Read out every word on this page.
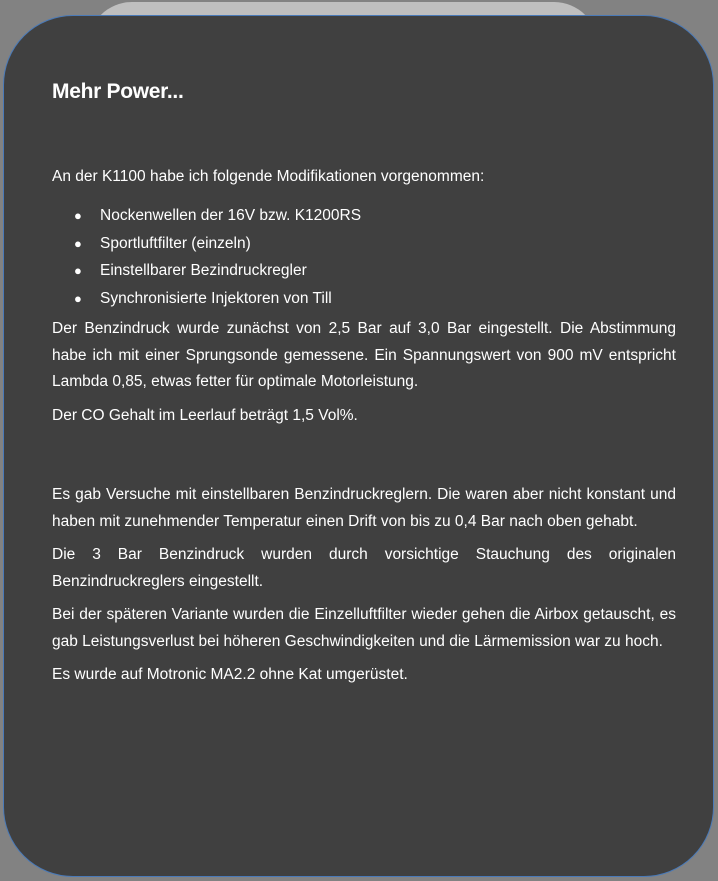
Mehr Power...
An der K1100 habe ich folgende Modifikationen vorgenommen:
● Nockenwellen der 16V bzw. K1200RS
● Sportluftfilter (einzeln)
● Einstellbarer Bezindruckregler
● Synchronisierte Injektoren von Till

Der Benzindruck wurde zunächst von 2,5 Bar auf 3,0 Bar eingestellt. Die Abstimmung habe ich mit einer Sprungsonde gemessene. Ein Spannungswert von 900 mV entspricht Lambda 0,85, etwas fetter für optimale Motorleistung.

Der CO Gehalt im Leerlauf beträgt 1,5 Vol%.

Es gab Versuche mit einstellbaren Benzindruckreglern. Die waren aber nicht konstant und haben mit zunehmender Temperatur einen Drift von bis zu 0,4 Bar nach oben gehabt.

Die 3 Bar Benzindruck wurden durch vorsichtige Stauchung des originalen Benzindruckreglers eingestellt.

Bei der späteren Variante wurden die Einzelluftfilter wieder gehen die Airbox getauscht, es gab Leistungsverlust bei höheren Geschwindigkeiten und die Lärmemission war zu hoch.

Es wurde auf Motronic MA2.2 ohne Kat umgerüstet.
